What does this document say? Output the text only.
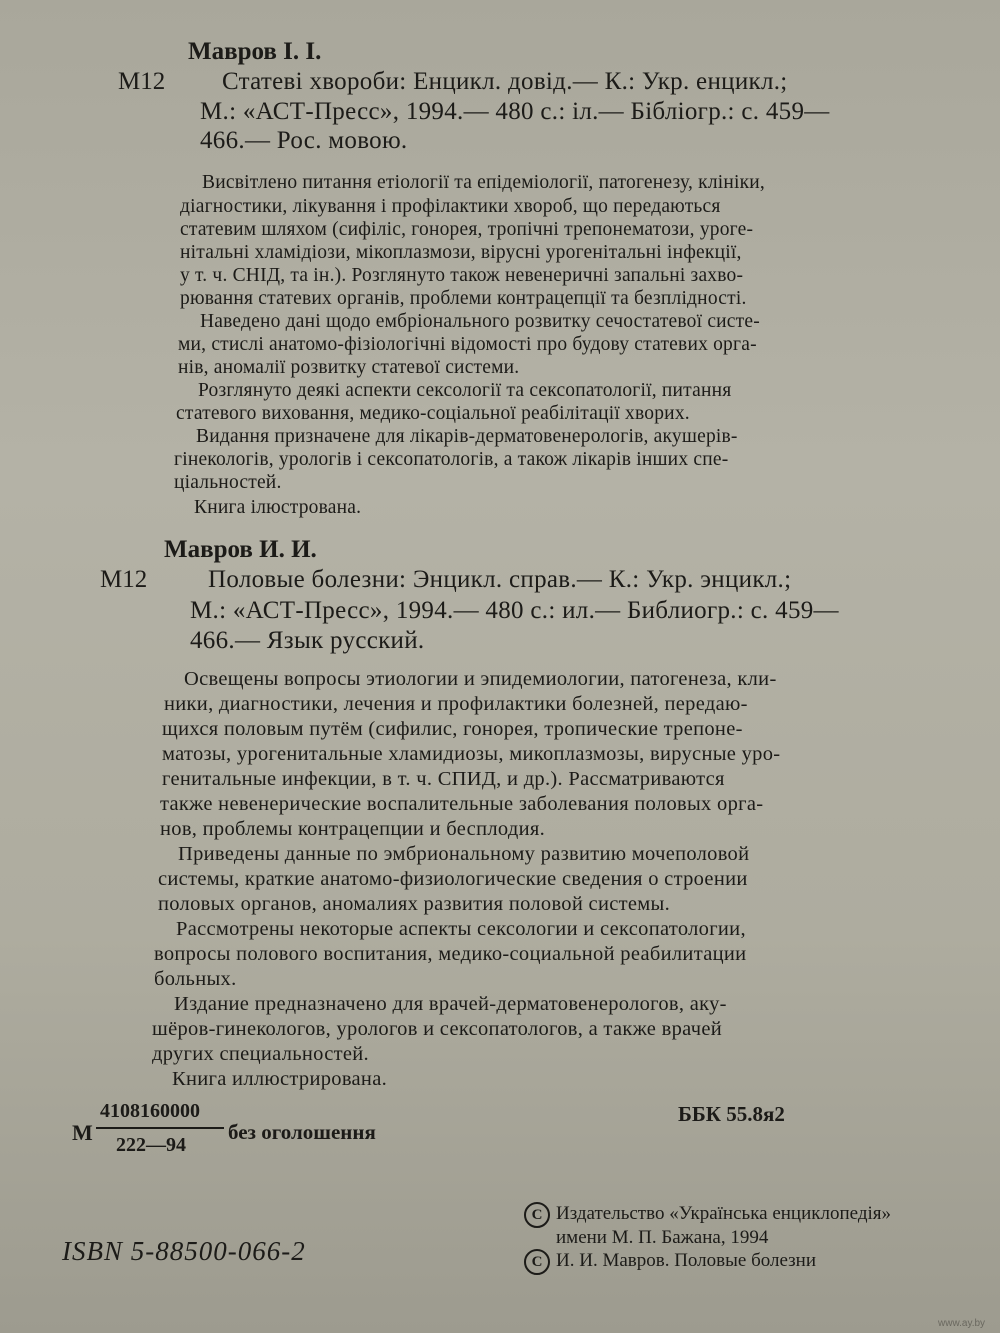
Мавров І. І.
М12 Статеві хвороби: Енцикл. довід.— К.: Укр. енцикл.;
М.: «АСТ-Пресс», 1994.— 480 с.: іл.— Бібліогр.: с. 459—
466.— Рос. мовою.
Висвітлено питання етіології та епідеміології, патогенезу, клініки,
діагностики, лікування і профілактики хвороб, що передаються
статевим шляхом (сифіліс, гонорея, тропічні трепонематози, уроге-
нітальні хламідіози, мікоплазмози, вірусні урогенітальні інфекції,
у т. ч. СНІД, та ін.). Розглянуто також невенеричні запальні захво-
рювання статевих органів, проблеми контрацепції та безплідності.
Наведено дані щодо ембріонального розвитку сечостатевої систе-
ми, стислі анатомо-фізіологічні відомості про будову статевих орга-
нів, аномалії розвитку статевої системи.
Розглянуто деякі аспекти сексології та сексопатології, питання
статевого виховання, медико-соціальної реабілітації хворих.
Видання призначене для лікарів-дерматовенерологів, акушерів-
гінекологів, урологів і сексопатологів, а також лікарів інших спе-
ціальностей.
Книга ілюстрована.
Мавров И. И.
М12 Половые болезни: Энцикл. справ.— К.: Укр. энцикл.;
М.: «АСТ-Пресс», 1994.— 480 с.: ил.— Библиогр.: с. 459—
466.— Язык русский.
Освещены вопросы этиологии и эпидемиологии, патогенеза, кли-
ники, диагностики, лечения и профилактики болезней, передаю-
щихся половым путём (сифилис, гонорея, тропические трепоне-
матозы, урогенитальные хламидиозы, микоплазмозы, вирусные уро-
генитальные инфекции, в т. ч. СПИД, и др.). Рассматриваются
также невенерические воспалительные заболевания половых орга-
нов, проблемы контрацепции и бесплодия.
Приведены данные по эмбриональному развитию мочеполовой
системы, краткие анатомо-физиологические сведения о строении
половых органов, аномалиях развития половой системы.
Рассмотрены некоторые аспекты сексологии и сексопатологии,
вопросы полового воспитания, медико-социальной реабилитации
больных.
Издание предназначено для врачей-дерматовенерологов, аку-
шёров-гинекологов, урологов и сексопатологов, а также врачей
других специальностей.
Книга иллюстрирована.
М
4108160000
222—94
без оголошення
ББК 55.8я2
ISBN 5-88500-066-2
C Издательство «Українська енциклопедія»
имени М. П. Бажана, 1994
C И. И. Мавров. Половые болезни
www.ay.by
